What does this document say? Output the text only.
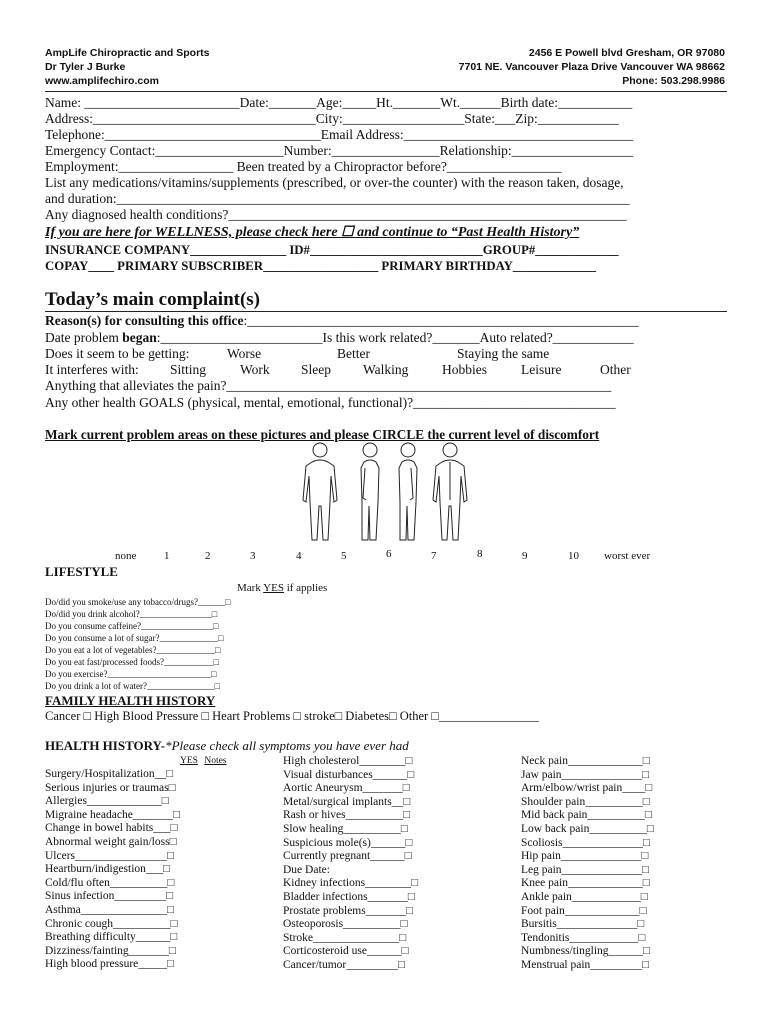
AmpLife Chiropractic and Sports
Dr Tyler J Burke
www.amplifechiro.com
2456 E Powell blvd Gresham, OR 97080
7701 NE. Vancouver Plaza Drive Vancouver WA 98662
Phone: 503.298.9986
Name: _______________________Date:_______Age:_____Ht._______Wt.______Birth date:___________
Address:_________________________________City:__________________State:___Zip:____________
Telephone:________________________________Email Address:__________________________________
Emergency Contact:___________________Number:________________Relationship:__________________
Employment:_________________ Been treated by a Chiropractor before?_________________
List any medications/vitamins/supplements (prescribed, or over-the counter) with the reason taken, dosage,
and duration:____________________________________________________________________________
Any diagnosed health conditions?___________________________________________________________
If you are here for WELLNESS, please check here ☐ and continue to “Past Health History”
INSURANCE COMPANY_______________ ID#___________________________GROUP#_____________
COPAY____ PRIMARY SUBSCRIBER__________________ PRIMARY BIRTHDAY_____________
Today’s main complaint(s)
Reason(s) for consulting this office:__________________________________________________________
Date problem began:________________________Is this work related?_______Auto related?____________
Does it seem to be getting:	Worse	Better	Staying the same
It interferes with: Sitting	Work Sleep Walking Hobbies	Leisure	Other
Anything that alleviates the pain?_________________________________________________________
Any other health GOALS (physical, mental, emotional, functional)?______________________________
Mark current problem areas on these pictures and please CIRCLE the current level of discomfort
none	1	2	3	4	5	6	7	8	9	10 worst ever
LIFESTYLE
Mark YES if applies
Do/did you smoke/use any tobacco/drugs?______□
Do/did you drink alcohol?________________□
Do you consume caffeine?________________□
Do you consume a lot of sugar?_____________□
Do you eat a lot of vegetables?_____________□
Do you eat fast/processed foods?___________□
Do you exercise?_______________________□
Do you drink a lot of water?_______________□
FAMILY HEALTH HISTORY
Cancer □ High Blood Pressure □ Heart Problems □ stroke□ Diabetes□ Other □________________
HEALTH HISTORY-*Please check all symptoms you have ever had
YES Notes
Surgery/Hospitalization__□
Serious injuries or traumas□
Allergies_____________□
Migraine headache_______□
Change in bowel habits___□
Abnormal weight gain/loss□
Ulcers________________□
Heartburn/indigestion___□
Cold/flu often__________□
Sinus infection_________□
Asthma_______________□
Chronic cough__________□
Breathing difficulty______□
Dizziness/fainting_______□
High blood pressure_____□
High cholesterol________□
Visual disturbances______□
Aortic Aneurysm_______□
Metal/surgical implants__□
Rash or hives__________□
Slow healing__________□
Suspicious mole(s)______□
Currently pregnant______□
Due Date:
Kidney infections________□
Bladder infections_______□
Prostate problems_______□
Osteoporosis__________□
Stroke_______________□
Corticosteroid use______□
Cancer/tumor_________□
Neck pain_____________□
Jaw pain______________□
Arm/elbow/wrist pain____□
Shoulder pain__________□
Mid back pain__________□
Low back pain__________□
Scoliosis______________□
Hip pain______________□
Leg pain______________□
Knee pain_____________□
Ankle pain____________□
Foot pain_____________□
Bursitis______________□
Tendonitis____________□
Numbness/tingling______□
Menstrual pain_________□
